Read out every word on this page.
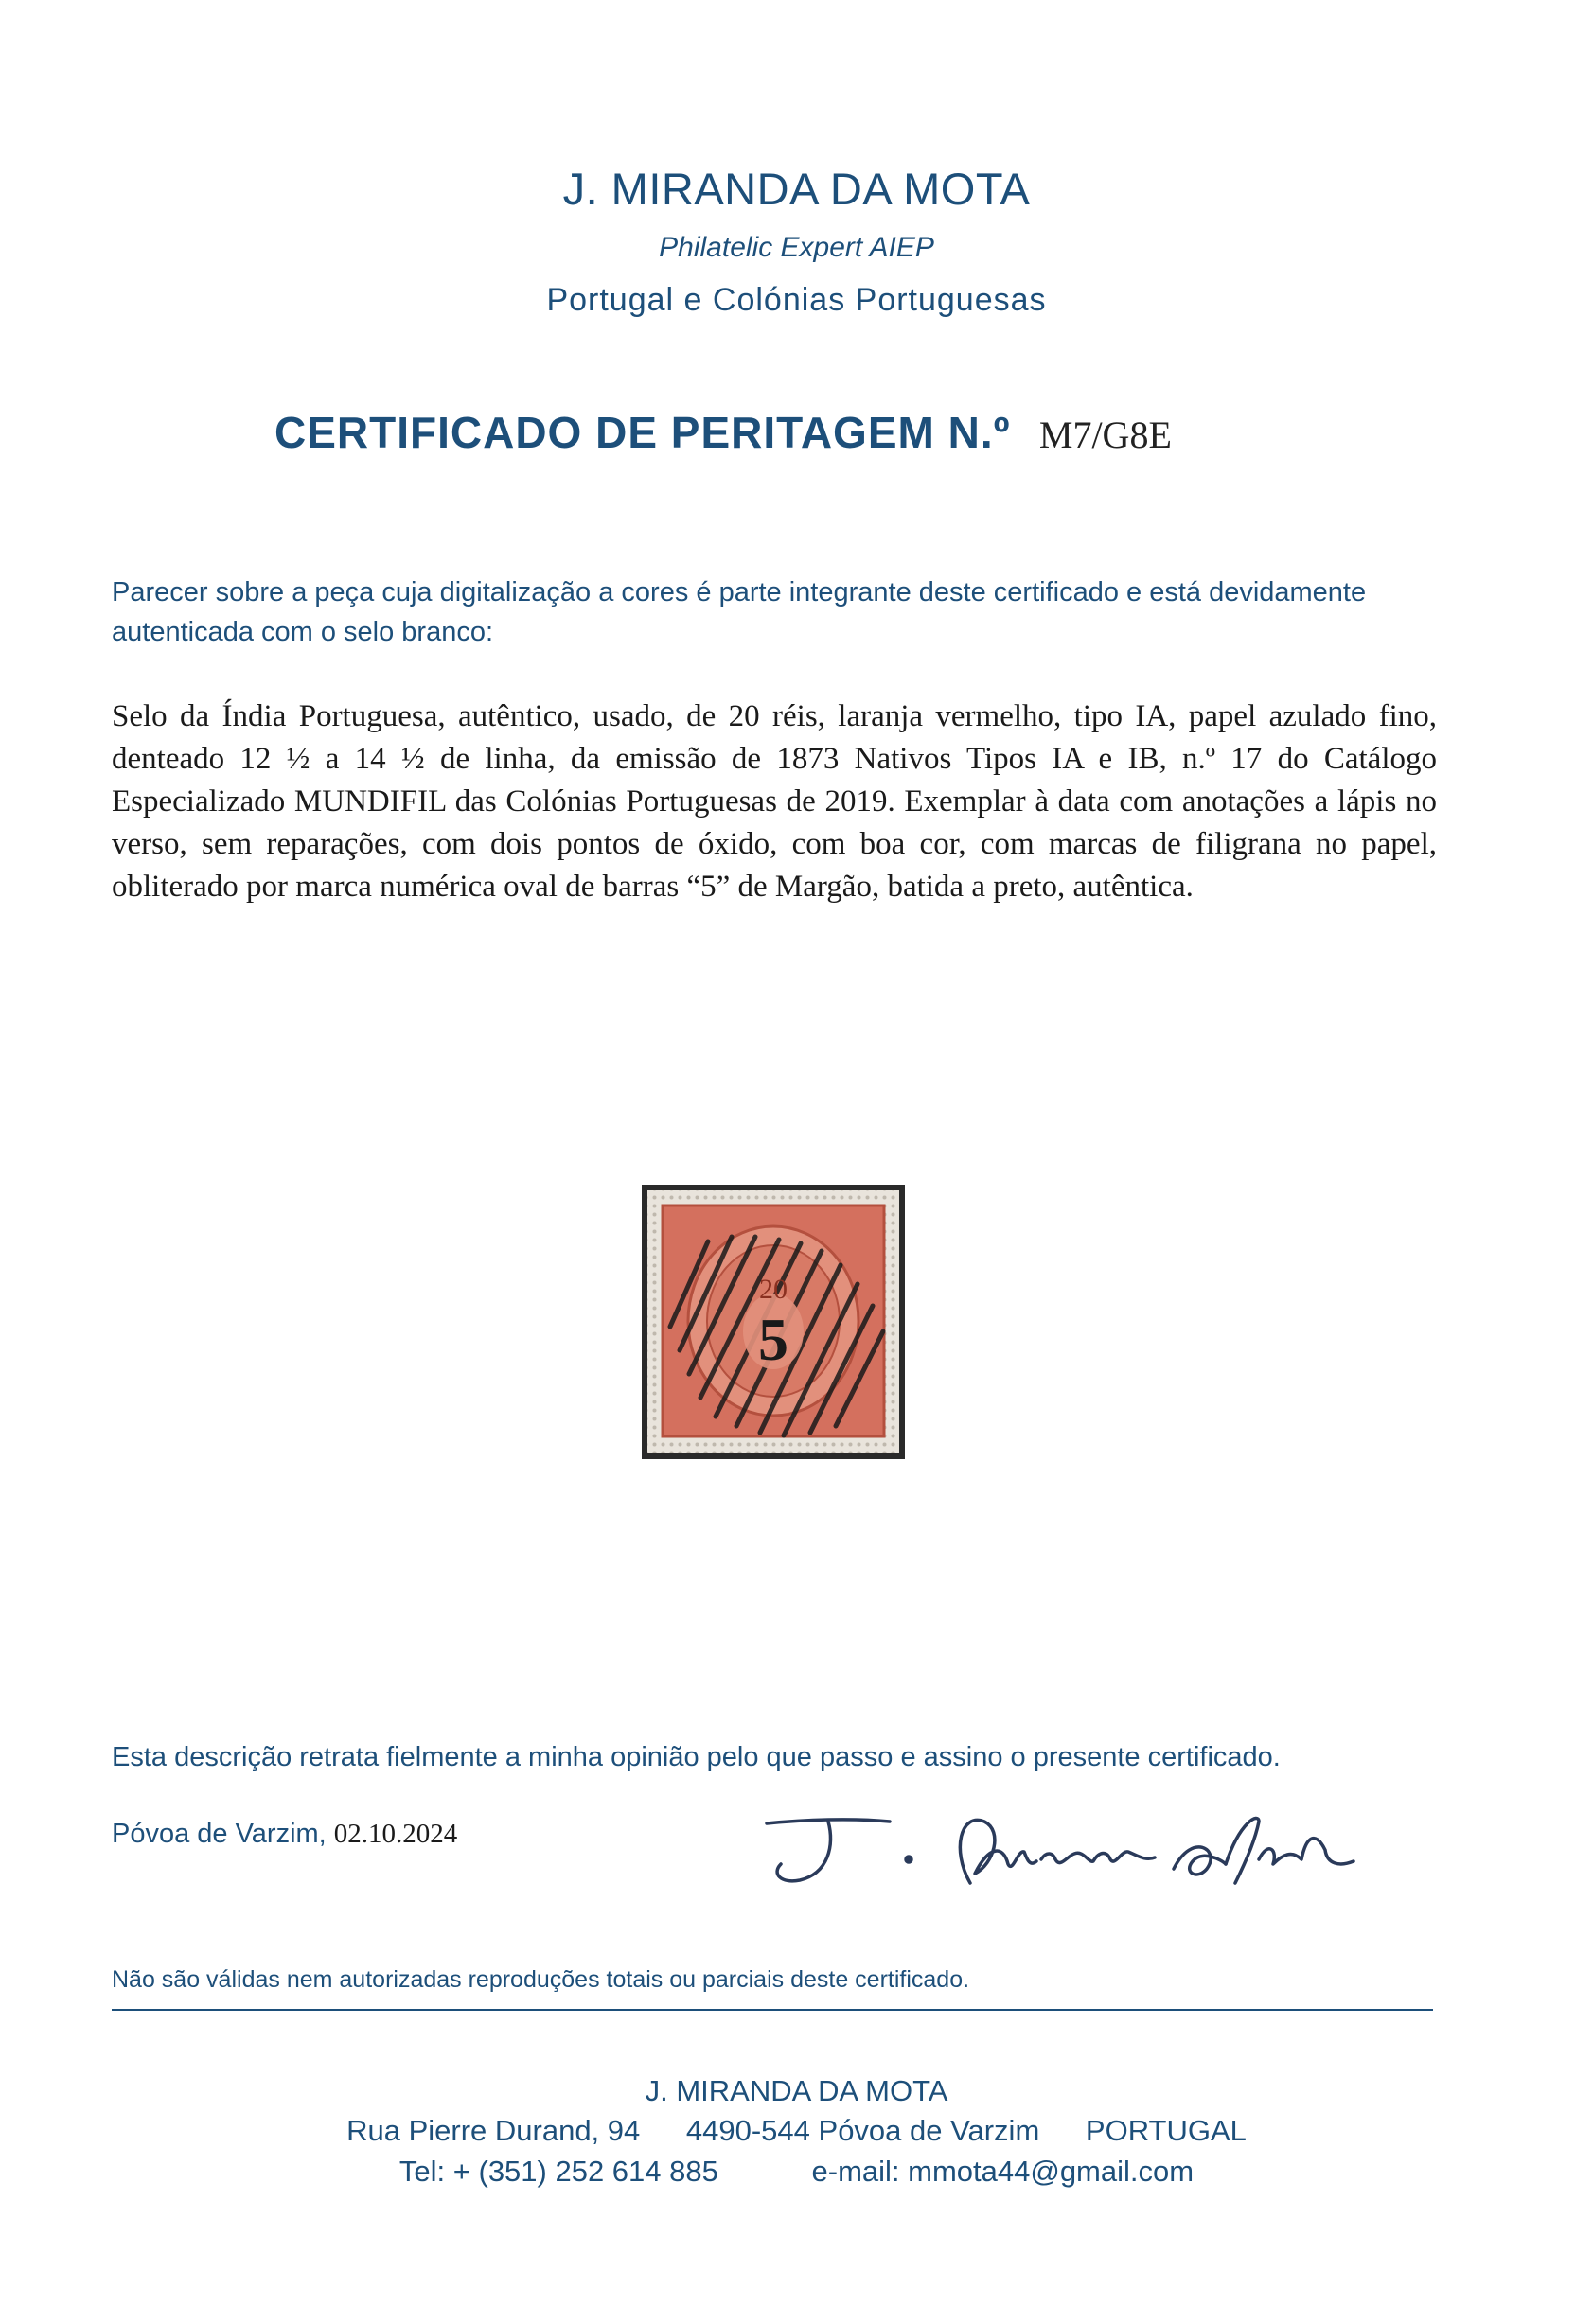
J. MIRANDA DA MOTA
Philatelic Expert AIEP
Portugal e Colónias Portuguesas
CERTIFICADO DE PERITAGEM N.º M7/G8E
Parecer sobre a peça cuja digitalização a cores é parte integrante deste certificado e está devidamente autenticada com o selo branco:
Selo da Índia Portuguesa, autêntico, usado, de 20 réis, laranja vermelho, tipo IA, papel azulado fino, denteado 12 ½ a 14 ½ de linha, da emissão de 1873 Nativos Tipos IA e IB, n.º 17 do Catálogo Especializado MUNDIFIL das Colónias Portuguesas de 2019. Exemplar à data com anotações a lápis no verso, sem reparações, com dois pontos de óxido, com boa cor, com marcas de filigrana no papel, obliterado por marca numérica oval de barras “5” de Margão, batida a preto, autêntica.
20
5
Esta descrição retrata fielmente a minha opinião pelo que passo e assino o presente certificado.
Póvoa de Varzim, 02.10.2024
Não são válidas nem autorizadas reproduções totais ou parciais deste certificado.
J. MIRANDA DA MOTA
Rua Pierre Durand, 94 4490-544 Póvoa de Varzim PORTUGAL
Tel: + (351) 252 614 885	e-mail: mmota44@gmail.com
